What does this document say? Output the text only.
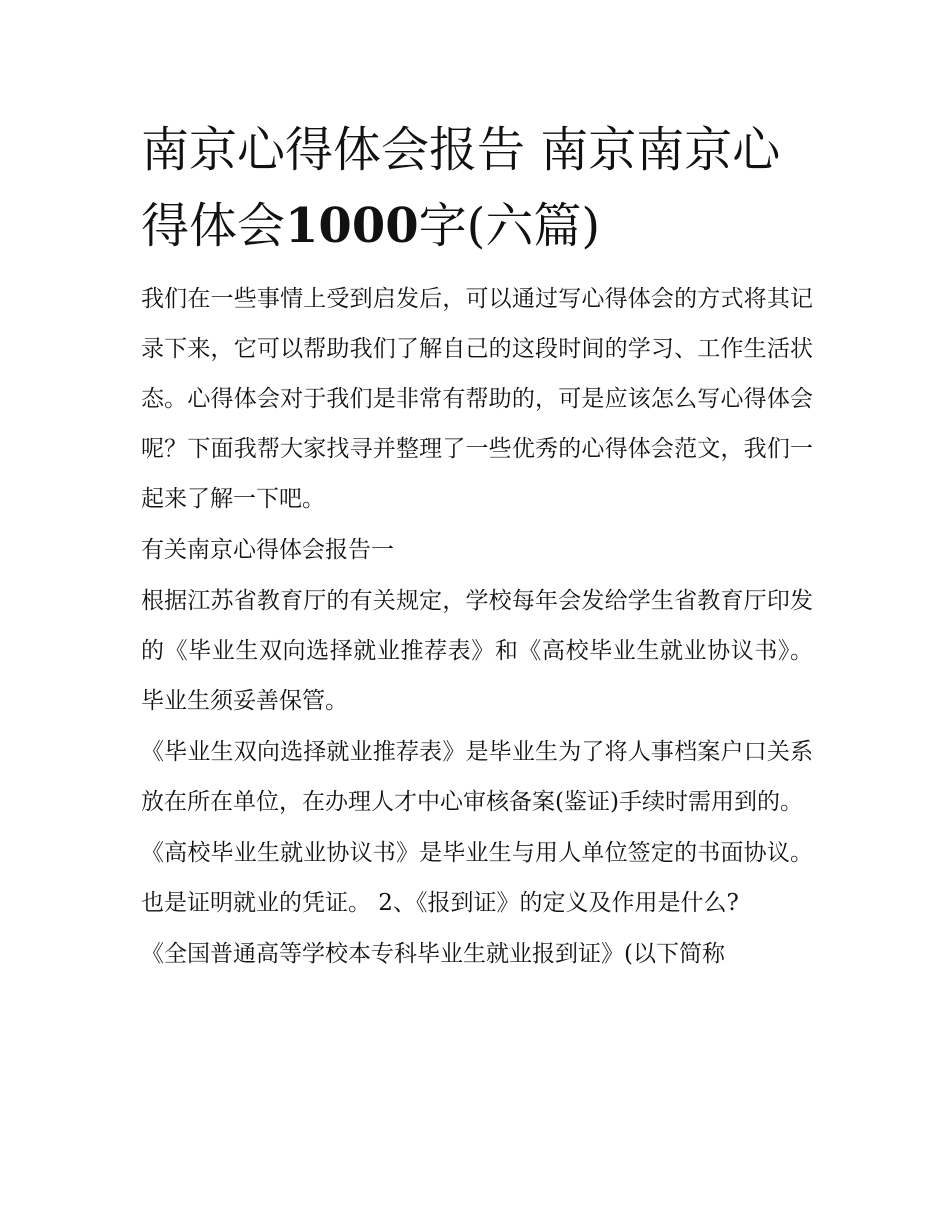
南京心得体会报告 南京南京心得体会1000字(六篇)

我们在一些事情上受到启发后，可以通过写心得体会的方式将其记录下来，它可以帮助我们了解自己的这段时间的学习、工作生活状态。心得体会对于我们是非常有帮助的，可是应该怎么写心得体会呢？下面我帮大家找寻并整理了一些优秀的心得体会范文，我们一起来了解一下吧。

有关南京心得体会报告一

根据江苏省教育厅的有关规定，学校每年会发给学生省教育厅印发的《毕业生双向选择就业推荐表》和《高校毕业生就业协议书》。毕业生须妥善保管。

《毕业生双向选择就业推荐表》是毕业生为了将人事档案户口关系放在所在单位，在办理人才中心审核备案(鉴证)手续时需用到的。

《高校毕业生就业协议书》是毕业生与用人单位签定的书面协议。也是证明就业的凭证。 2、《报到证》的定义及作用是什么?

《全国普通高等学校本专科毕业生就业报到证》(以下简称
